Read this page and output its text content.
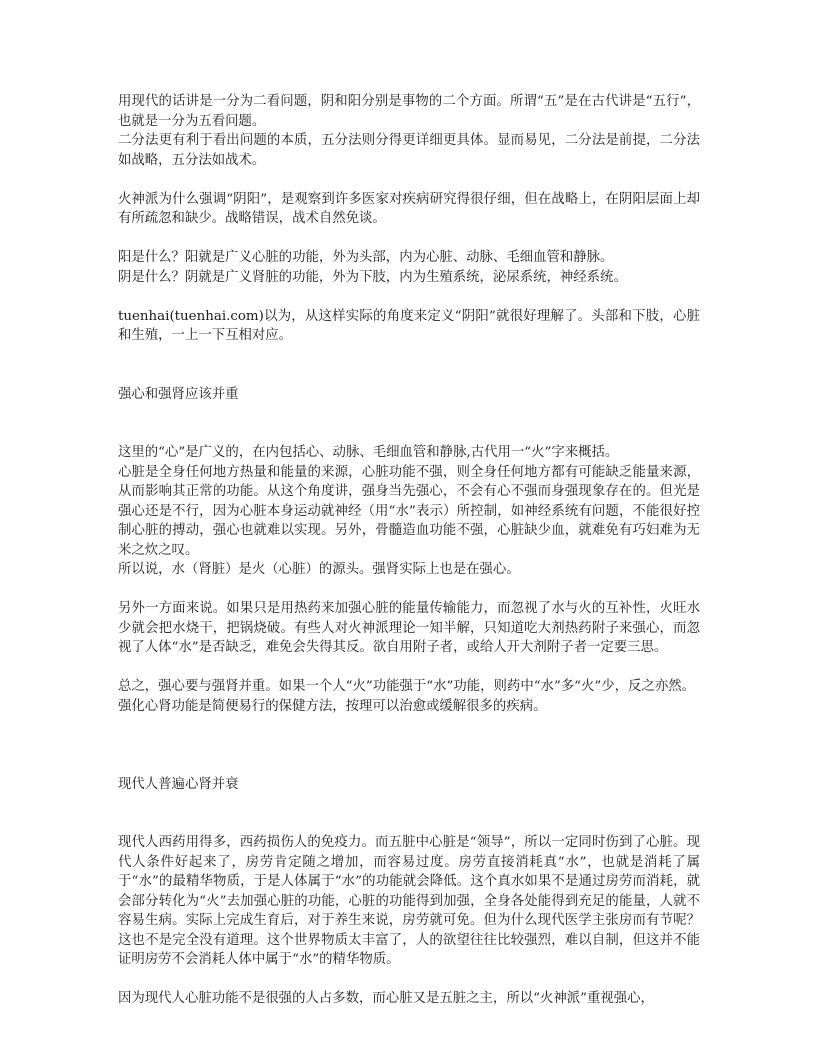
用现代的话讲是一分为二看问题，阴和阳分别是事物的二个方面。所谓“五”是在古代讲是“五行”，也就是一分为五看问题。

二分法更有利于看出问题的本质，五分法则分得更详细更具体。显而易见，二分法是前提，二分法如战略，五分法如战术。

火神派为什么强调“阴阳”，是观察到许多医家对疾病研究得很仔细，但在战略上，在阴阳层面上却有所疏忽和缺少。战略错误，战术自然免谈。

阳是什么？阳就是广义心脏的功能，外为头部，内为心脏、动脉、毛细血管和静脉。

阴是什么？阴就是广义肾脏的功能，外为下肢，内为生殖系统，泌尿系统，神经系统。

tuenhai(tuenhai.com)以为，从这样实际的角度来定义“阴阳”就很好理解了。头部和下肢，心脏和生殖，一上一下互相对应。

强心和强肾应该并重

这里的“心”是广义的，在内包括心、动脉、毛细血管和静脉,古代用一“火”字来概括。

心脏是全身任何地方热量和能量的来源，心脏功能不强，则全身任何地方都有可能缺乏能量来源，从而影响其正常的功能。从这个角度讲，强身当先强心，不会有心不强而身强现象存在的。但光是强心还是不行，因为心脏本身运动就神经（用“水”表示）所控制，如神经系统有问题，不能很好控制心脏的搏动，强心也就难以实现。另外，骨髓造血功能不强，心脏缺少血，就难免有巧妇难为无米之炊之叹。

所以说，水（肾脏）是火（心脏）的源头。强肾实际上也是在强心。

另外一方面来说。如果只是用热药来加强心脏的能量传输能力，而忽视了水与火的互补性，火旺水少就会把水烧干，把锅烧破。有些人对火神派理论一知半解，只知道吃大剂热药附子来强心，而忽视了人体“水”是否缺乏，难免会失得其反。欲自用附子者，或给人开大剂附子者一定要三思。

总之，强心要与强肾并重。如果一个人“火”功能强于“水”功能，则药中“水”多“火”少，反之亦然。

强化心肾功能是简便易行的保健方法，按理可以治愈或缓解很多的疾病。

现代人普遍心肾并衰

现代人西药用得多，西药损伤人的免疫力。而五脏中心脏是“领导”，所以一定同时伤到了心脏。现代人条件好起来了，房劳肯定随之增加，而容易过度。房劳直接消耗真“水”，也就是消耗了属于“水”的最精华物质，于是人体属于“水”的功能就会降低。这个真水如果不是通过房劳而消耗，就会部分转化为“火”去加强心脏的功能，心脏的功能得到加强，全身各处能得到充足的能量，人就不容易生病。实际上完成生育后，对于养生来说，房劳就可免。但为什么现代医学主张房而有节呢？这也不是完全没有道理。这个世界物质太丰富了，人的欲望往往比较强烈，难以自制，但这并不能证明房劳不会消耗人体中属于“水”的精华物质。

因为现代人心脏功能不是很强的人占多数，而心脏又是五脏之主，所以“火神派”重视强心，
